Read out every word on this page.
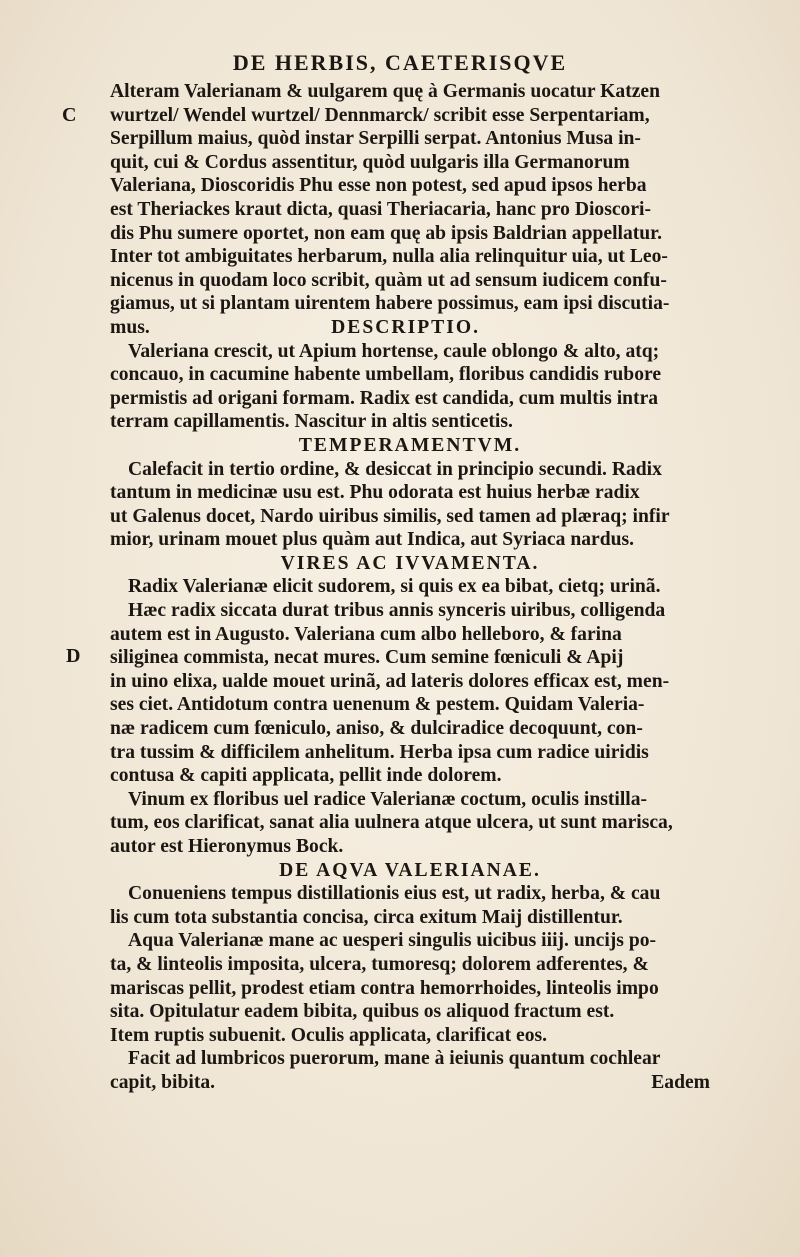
DE HERBIS, CAETERISQVE
C
D
Alteram Valerianam & uulgarem quę à Germanis uocatur Katzen
wurtzel/ Wendel wurtzel/ Dennmarck/ scribit esse Serpentariam,
Serpillum maius, quòd instar Serpilli serpat. Antonius Musa in-
quit, cui & Cordus assentitur, quòd uulgaris illa Germanorum
Valeriana, Dioscoridis Phu esse non potest, sed apud ipsos herba
est Theriackes kraut dicta, quasi Theriacaria, hanc pro Dioscori-
dis Phu sumere oportet, non eam quę ab ipsis Baldrian appellatur.
Inter tot ambiguitates herbarum, nulla alia relinquitur uia, ut Leo-
nicenus in quodam loco scribit, quàm ut ad sensum iudicem confu-
giamus, ut si plantam uirentem habere possimus, eam ipsi discutia-
mus.	DESCRIPTIO.
Valeriana crescit, ut Apium hortense, caule oblongo & alto, atq;
concauo, in cacumine habente umbellam, floribus candidis rubore
permistis ad origani formam. Radix est candida, cum multis intra
terram capillamentis. Nascitur in altis senticetis.
TEMPERAMENTVM.
Calefacit in tertio ordine, & desiccat in principio secundi. Radix
tantum in medicinæ usu est. Phu odorata est huius herbæ radix
ut Galenus docet, Nardo uiribus similis, sed tamen ad plæraq; infir
mior, urinam mouet plus quàm aut Indica, aut Syriaca nardus.
VIRES AC IVVAMENTA.
Radix Valerianæ elicit sudorem, si quis ex ea bibat, cietq; urinã.
Hæc radix siccata durat tribus annis synceris uiribus, colligenda
autem est in Augusto. Valeriana cum albo helleboro, & farina
siliginea commista, necat mures. Cum semine fœniculi & Apij
in uino elixa, ualde mouet urinã, ad lateris dolores efficax est, men-
ses ciet. Antidotum contra uenenum & pestem. Quidam Valeria-
næ radicem cum fœniculo, aniso, & dulciradice decoquunt, con-
tra tussim & difficilem anhelitum. Herba ipsa cum radice uiridis
contusa & capiti applicata, pellit inde dolorem.
Vinum ex floribus uel radice Valerianæ coctum, oculis instilla-
tum, eos clarificat, sanat alia uulnera atque ulcera, ut sunt marisca,
autor est Hieronymus Bock.
DE AQVA VALERIANAE.
Conueniens tempus distillationis eius est, ut radix, herba, & cau
lis cum tota substantia concisa, circa exitum Maij distillentur.
Aqua Valerianæ mane ac uesperi singulis uicibus iiij. uncijs po-
ta, & linteolis imposita, ulcera, tumoresq; dolorem adferentes, &
mariscas pellit, prodest etiam contra hemorrhoides, linteolis impo
sita. Opitulatur eadem bibita, quibus os aliquod fractum est.
Item ruptis subuenit. Oculis applicata, clarificat eos.
Facit ad lumbricos puerorum, mane à ieiunis quantum cochlear
capit, bibita.	Eadem
